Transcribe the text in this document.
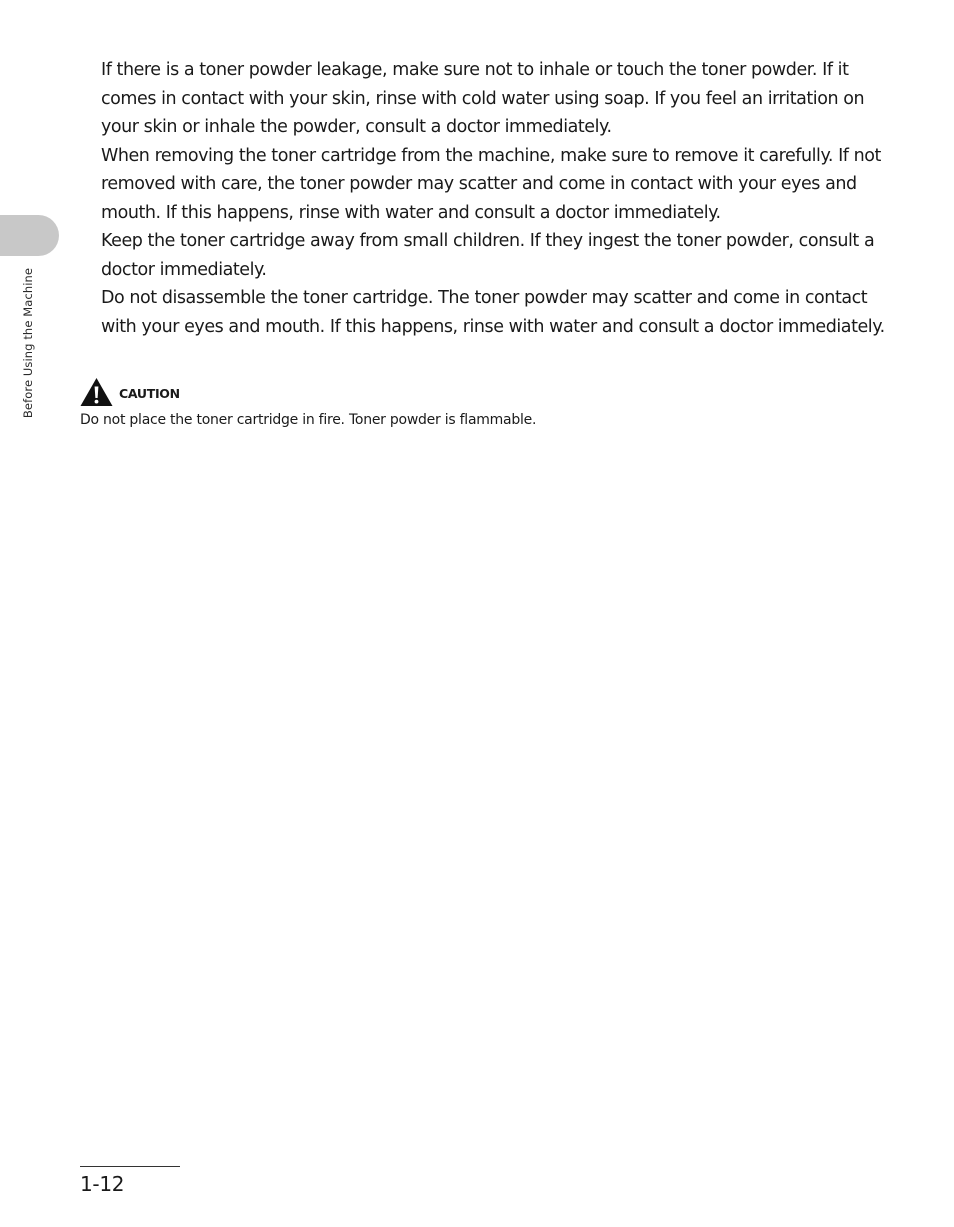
Before Using the Machine

If there is a toner powder leakage, make sure not to inhale or touch the toner powder. If it comes in contact with your skin, rinse with cold water using soap. If you feel an irritation on your skin or inhale the powder, consult a doctor immediately.

When removing the toner cartridge from the machine, make sure to remove it carefully. If not removed with care, the toner powder may scatter and come in contact with your eyes and mouth. If this happens, rinse with water and consult a doctor immediately.

Keep the toner cartridge away from small children. If they ingest the toner powder, consult a doctor immediately.

Do not disassemble the toner cartridge. The toner powder may scatter and come in contact with your eyes and mouth. If this happens, rinse with water and consult a doctor immediately.

CAUTION
Do not place the toner cartridge in fire. Toner powder is flammable.
1-12
